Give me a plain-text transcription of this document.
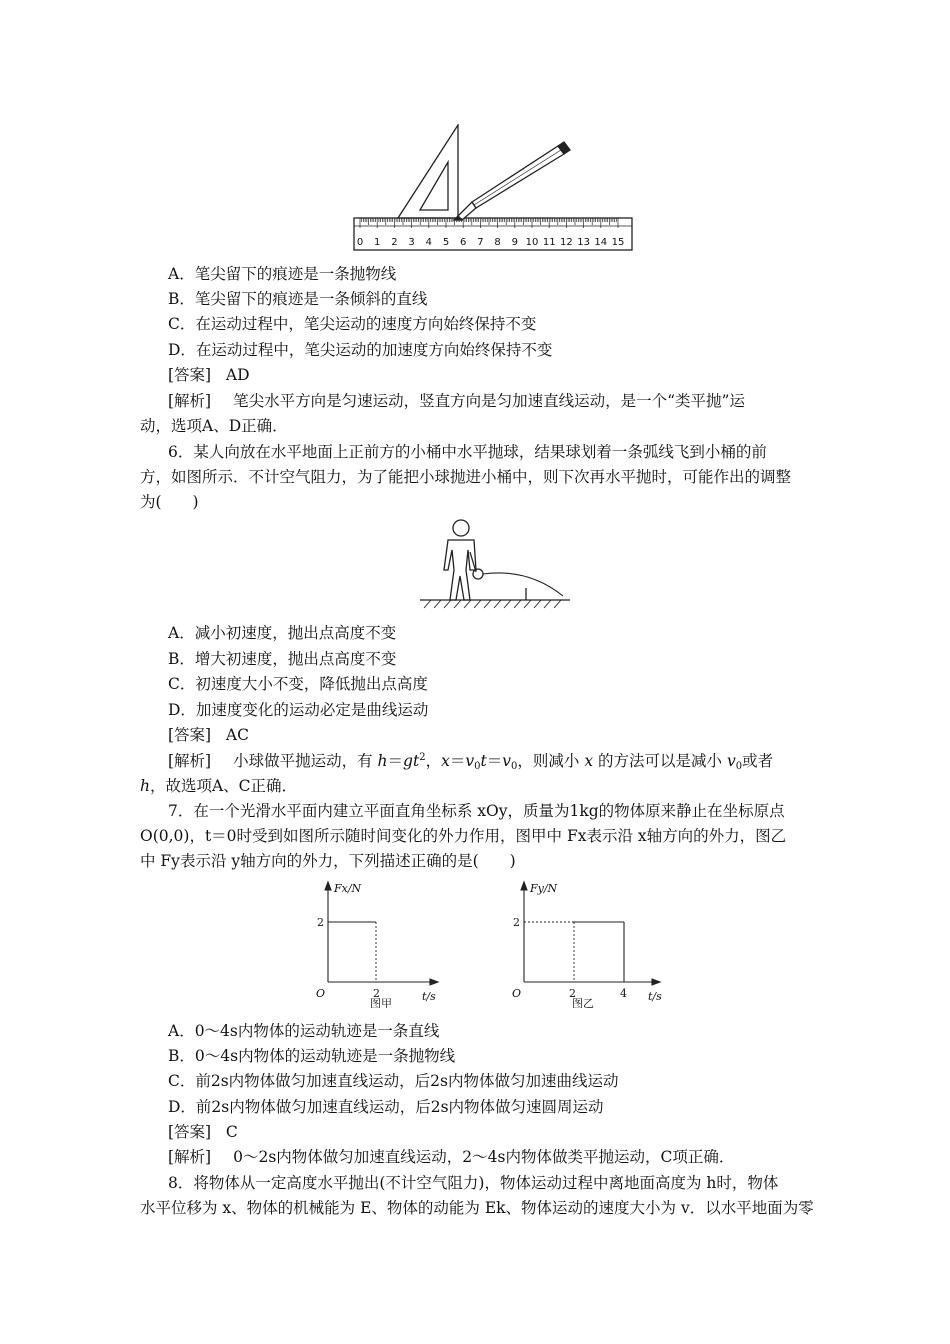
0 1 2 3 4 5 6 7 8 9 10 11 12 13 14 15
A．笔尖留下的痕迹是一条抛物线
B．笔尖留下的痕迹是一条倾斜的直线
C．在运动过程中，笔尖运动的速度方向始终保持不变
D．在运动过程中，笔尖运动的加速度方向始终保持不变
[答案] AD
[解析] 笔尖水平方向是匀速运动，竖直方向是匀加速直线运动，是一个“类平抛”运
动，选项A、D正确．
6．某人向放在水平地面上正前方的小桶中水平抛球，结果球划着一条弧线飞到小桶的前
方，如图所示．不计空气阻力，为了能把小球抛进小桶中，则下次再水平抛时，可能作出的调整
为(　　)
A．减小初速度，抛出点高度不变
B．增大初速度，抛出点高度不变
C．初速度大小不变，降低抛出点高度
D．加速度变化的运动必定是曲线运动
[答案] AC
[解析] 小球做平抛运动，有 $h=gt^2$，$x=v_0t=v_0$，则减小 x 的方法可以是减小 $v_0$或者
h，故选项A、C正确．
7．在一个光滑水平面内建立平面直角坐标系 xOy，质量为1kg的物体原来静止在坐标原点
O(0,0)，t＝0时受到如图所示随时间变化的外力作用，图甲中 Fx表示沿 x轴方向的外力，图乙
中 Fy表示沿 y轴方向的外力，下列描述正确的是(　　)
Fx/N
t/s
O
2
2
图甲
Fy/N
t/s
O
2
2	4
图乙
A．0～4s内物体的运动轨迹是一条直线
B．0～4s内物体的运动轨迹是一条抛物线
C．前2s内物体做匀加速直线运动，后2s内物体做匀加速曲线运动
D．前2s内物体做匀加速直线运动，后2s内物体做匀速圆周运动
[答案] C
[解析] 0～2s内物体做匀加速直线运动，2～4s内物体做类平抛运动，C项正确．
8．将物体从一定高度水平抛出(不计空气阻力)，物体运动过程中离地面高度为 h时，物体
水平位移为 x、物体的机械能为 E、物体的动能为 Ek、物体运动的速度大小为 v．以水平地面为零
